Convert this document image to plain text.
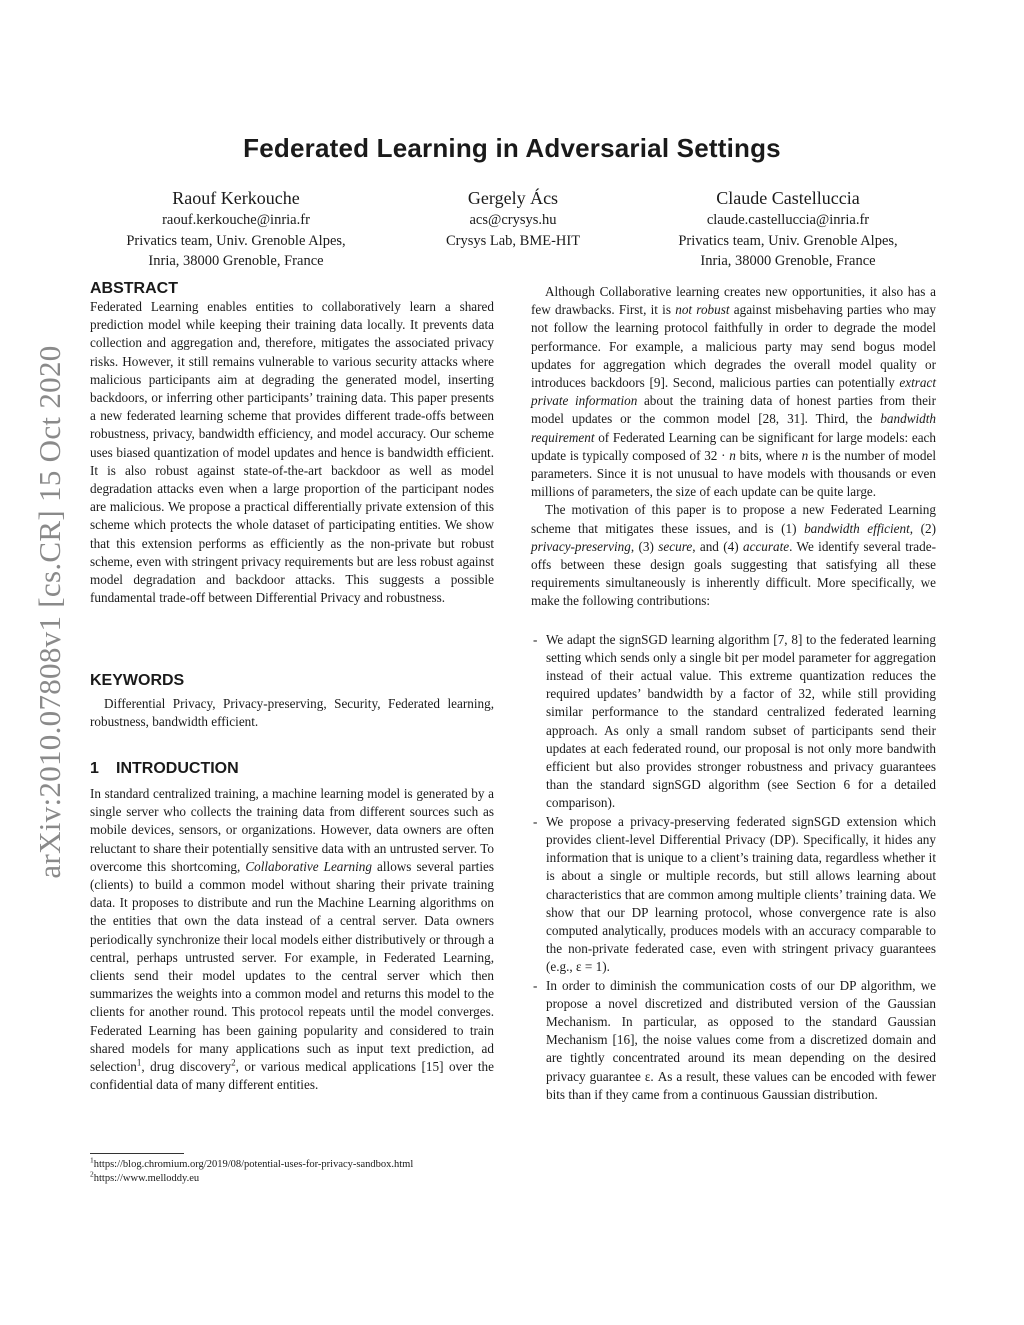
arXiv:2010.07808v1 [cs.CR] 15 Oct 2020
Federated Learning in Adversarial Settings
Raouf Kerkouche
raouf.kerkouche@inria.fr
Privatics team, Univ. Grenoble Alpes,
Inria, 38000 Grenoble, France
Gergely Ács
acs@crysys.hu
Crysys Lab, BME-HIT
Claude Castelluccia
claude.castelluccia@inria.fr
Privatics team, Univ. Grenoble Alpes,
Inria, 38000 Grenoble, France
ABSTRACT

Federated Learning enables entities to collaboratively learn a shared prediction model while keeping their training data locally. It prevents data collection and aggregation and, therefore, mitigates the associated privacy risks. However, it still remains vulnerable to various security attacks where malicious participants aim at degrading the generated model, inserting backdoors, or inferring other participants’ training data. This paper presents a new federated learning scheme that provides different trade-offs between robustness, privacy, bandwidth efficiency, and model accuracy. Our scheme uses biased quantization of model updates and hence is bandwidth efficient. It is also robust against state-of-the-art backdoor as well as model degradation attacks even when a large proportion of the participant nodes are malicious. We propose a practical differentially private extension of this scheme which protects the whole dataset of participating entities. We show that this extension performs as efficiently as the non-private but robust scheme, even with stringent privacy requirements but are less robust against model degradation and backdoor attacks. This suggests a possible fundamental trade-off between Differential Privacy and robustness.

KEYWORDS

Differential Privacy, Privacy-preserving, Security, Federated learning, robustness, bandwidth efficient.

1 INTRODUCTION

In standard centralized training, a machine learning model is generated by a single server who collects the training data from different sources such as mobile devices, sensors, or organizations. However, data owners are often reluctant to share their potentially sensitive data with an untrusted server. To overcome this shortcoming, Collaborative Learning allows several parties (clients) to build a common model without sharing their private training data. It proposes to distribute and run the Machine Learning algorithms on the entities that own the data instead of a central server. Data owners periodically synchronize their local models either distributively or through a central, perhaps untrusted server. For example, in Federated Learning, clients send their model updates to the central server which then summarizes the weights into a common model and returns this model to the clients for another round. This protocol repeats until the model converges. Federated Learning has been gaining popularity and considered to train shared models for many applications such as input text prediction, ad selection$^1$, drug discovery$^2$, or various medical applications [15] over the confidential data of many different entities.

$^1$https://blog.chromium.org/2019/08/potential-uses-for-privacy-sandbox.html
$^2$https://www.melloddy.eu

Although Collaborative learning creates new opportunities, it also has a few drawbacks. First, it is not robust against misbehaving parties who may not follow the learning protocol faithfully in order to degrade the model performance. For example, a malicious party may send bogus model updates for aggregation which degrades the overall model quality or introduces backdoors [9]. Second, malicious parties can potentially extract private information about the training data of honest parties from their model updates or the common model [28, 31]. Third, the bandwidth requirement of Federated Learning can be significant for large models: each update is typically composed of 32 · n bits, where n is the number of model parameters. Since it is not unusual to have models with thousands or even millions of parameters, the size of each update can be quite large.

The motivation of this paper is to propose a new Federated Learning scheme that mitigates these issues, and is (1) bandwidth efficient, (2) privacy-preserving, (3) secure, and (4) accurate. We identify several trade-offs between these design goals suggesting that satisfying all these requirements simultaneously is inherently difficult. More specifically, we make the following contributions:

- We adapt the signSGD learning algorithm [7, 8] to the federated learning setting which sends only a single bit per model parameter for aggregation instead of their actual value. This extreme quantization reduces the required updates’ bandwidth by a factor of 32, while still providing similar performance to the standard centralized federated learning approach. As only a small random subset of participants send their updates at each federated round, our proposal is not only more bandwith efficient but also provides stronger robustness and privacy guarantees than the standard signSGD algorithm (see Section 6 for a detailed comparison).

- We propose a privacy-preserving federated signSGD extension which provides client-level Differential Privacy (DP). Specifically, it hides any information that is unique to a client’s training data, regardless whether it is about a single or multiple records, but still allows learning about characteristics that are common among multiple clients’ training data. We show that our DP learning protocol, whose convergence rate is also computed analytically, produces models with an accuracy comparable to the non-private federated case, even with stringent privacy guarantees (e.g., ε = 1).

- In order to diminish the communication costs of our DP algorithm, we propose a novel discretized and distributed version of the Gaussian Mechanism. In particular, as opposed to the standard Gaussian Mechanism [16], the noise values come from a discretized domain and are tightly concentrated around its mean depending on the desired privacy guarantee ε. As a result, these values can be encoded with fewer bits than if they came from a continuous Gaussian distribution.
